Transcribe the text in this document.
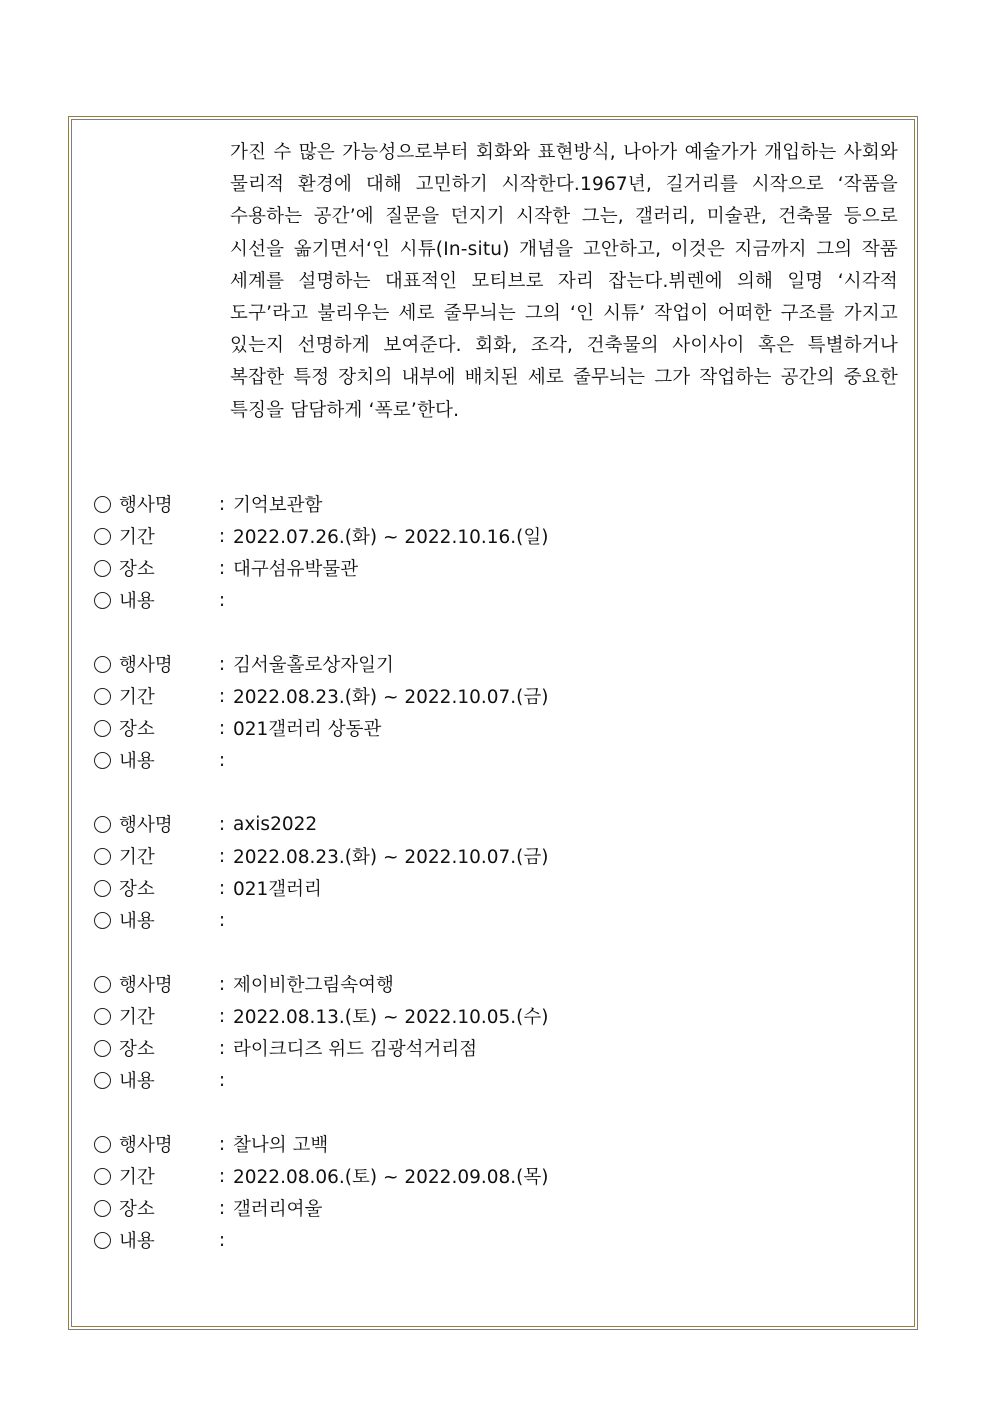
가진 수 많은 가능성으로부터 회화와 표현방식, 나아가 예술가가 개입하는 사회와 물리적 환경에 대해 고민하기 시작한다.1967년, 길거리를 시작으로 ‘작품을 수용하는 공간’에 질문을 던지기 시작한 그는, 갤러리, 미술관, 건축물 등으로 시선을 옮기면서‘인 시튜(In-situ) 개념을 고안하고, 이것은 지금까지 그의 작품 세계를 설명하는 대표적인 모티브로 자리 잡는다.뷔렌에 의해 일명 ‘시각적 도구’라고 불리우는 세로 줄무늬는 그의 ‘인 시튜’ 작업이 어떠한 구조를 가지고 있는지 선명하게 보여준다. 회화, 조각, 건축물의 사이사이 혹은 특별하거나 복잡한 특정 장치의 내부에 배치된 세로 줄무늬는 그가 작업하는 공간의 중요한 특징을 담담하게 ‘폭로’한다.

행사명	: 기억보관함
기간	: 2022.07.26.(화) ~ 2022.10.16.(일)
장소	: 대구섬유박물관
내용	:
행사명	: 김서울홀로상자일기
기간	: 2022.08.23.(화) ~ 2022.10.07.(금)
장소	: 021갤러리 상동관
내용	:
행사명	: axis2022
기간	: 2022.08.23.(화) ~ 2022.10.07.(금)
장소	: 021갤러리
내용	:
행사명	: 제이비한그림속여행
기간	: 2022.08.13.(토) ~ 2022.10.05.(수)
장소	: 라이크디즈 위드 김광석거리점
내용	:
행사명	: 찰나의 고백
기간	: 2022.08.06.(토) ~ 2022.09.08.(목)
장소	: 갤러리여울
내용	:
